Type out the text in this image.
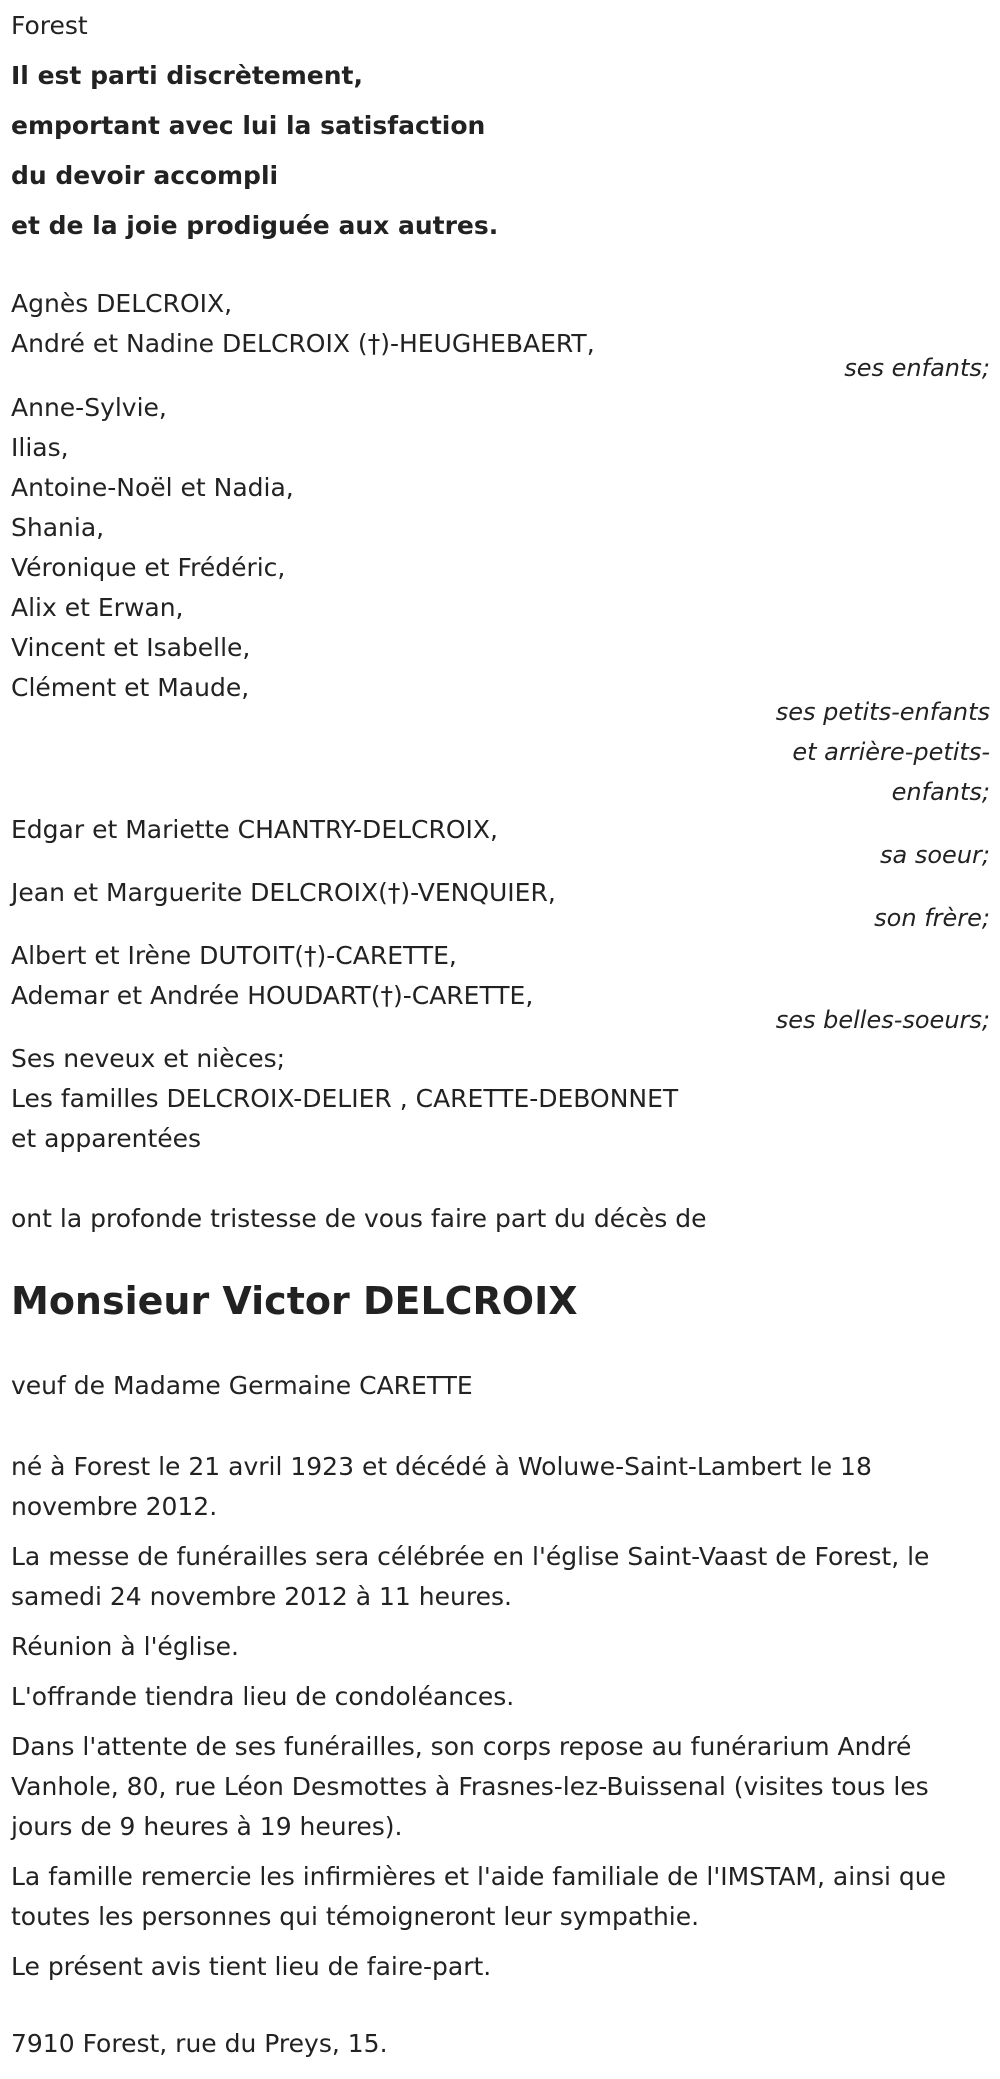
Forest

Il est parti discrètement,

emportant avec lui la satisfaction

du devoir accompli

et de la joie prodiguée aux autres.

Agnès DELCROIX,

André et Nadine DELCROIX (†)-HEUGHEBAERT,

ses enfants;

Anne-Sylvie,

Ilias,

Antoine-Noël et Nadia,

Shania,

Véronique et Frédéric,

Alix et Erwan,

Vincent et Isabelle,

Clément et Maude,

ses petits-enfants

et arrière-petits-

enfants;

Edgar et Mariette CHANTRY-DELCROIX,

sa soeur;

Jean et Marguerite DELCROIX(†)-VENQUIER,

son frère;

Albert et Irène DUTOIT(†)-CARETTE,

Ademar et Andrée HOUDART(†)-CARETTE,

ses belles-soeurs;

Ses neveux et nièces;

Les familles DELCROIX-DELIER , CARETTE-DEBONNET

et apparentées

ont la profonde tristesse de vous faire part du décès de

Monsieur Victor DELCROIX

veuf de Madame Germaine CARETTE

né à Forest le 21 avril 1923 et décédé à Woluwe-Saint-Lambert le 18 novembre 2012.

La messe de funérailles sera célébrée en l'église Saint-Vaast de Forest, le samedi 24 novembre 2012 à 11 heures.

Réunion à l'église.

L'offrande tiendra lieu de condoléances.

Dans l'attente de ses funérailles, son corps repose au funérarium André Vanhole, 80, rue Léon Desmottes à Frasnes-lez-Buissenal (visites tous les jours de 9 heures à 19 heures).

La famille remercie les infirmières et l'aide familiale de l'IMSTAM, ainsi que toutes les personnes qui témoigneront leur sympathie.

Le présent avis tient lieu de faire-part.

7910 Forest, rue du Preys, 15.
